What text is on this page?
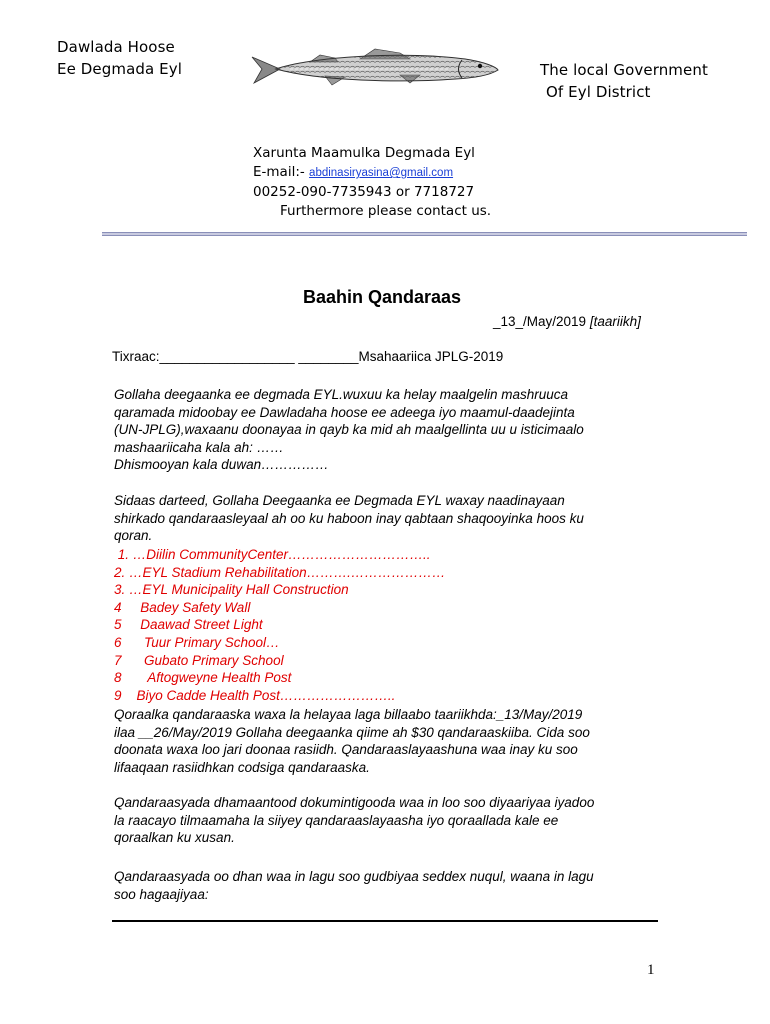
Dawlada Hoose
Ee Degmada Eyl	The local Government
Of Eyl District
Xarunta Maamulka Degmada Eyl
E-mail:- abdinasiryasina@gmail.com
00252-090-7735943 or 7718727
Furthermore please contact us.
Baahin Qandaraas
_13_/May/2019 [taariikh]
Tixraac:__________________ ________Msahaariica JPLG-2019

Gollaha deegaanka ee degmada EYL.wuxuu ka helay maalgelin mashruuca

qaramada midoobay ee Dawladaha hoose ee adeega iyo maamul-daadejinta

(UN-JPLG),waxaanu doonayaa in qayb ka mid ah maalgellinta uu u isticimaalo

mashaariicaha kala ah: ……

Dhismooyan kala duwan……………

Sidaas darteed, Gollaha Deegaanka ee Degmada EYL waxay naadinayaan

shirkado qandaraasleyaal ah oo ku haboon inay qabtaan shaqooyinka hoos ku

qoran.

1. …Diilin CommunityCenter…………………………..

2. …EYL Stadium Rehabilitation……….…………………

3. …EYL Municipality Hall Construction

4     Badey Safety Wall

5     Daawad Street Light

6      Tuur Primary School…

7      Gubato Primary School

8       Aftogweyne Health Post

9    Biyo Cadde Health Post……………………..

Qoraalka qandaraaska waxa la helayaa laga billaabo taariikhda:_13/May/2019

ilaa __26/May/2019 Gollaha deegaanka qiime ah $30 qandaraaskiiba. Cida soo

doonata waxa loo jari doonaa rasiidh. Qandaraaslayaashuna waa inay ku soo

lifaaqaan rasiidhkan codsiga qandaraaska.

Qandaraasyada dhamaantood dokumintigooda waa in loo soo diyaariyaa iyadoo

la raacayo tilmaamaha la siiyey qandaraaslayaasha iyo qoraallada kale ee

qoraalkan ku xusan.

Qandaraasyada oo dhan waa in lagu soo gudbiyaa seddex nuqul, waana in lagu

soo hagaajiyaa:

1
